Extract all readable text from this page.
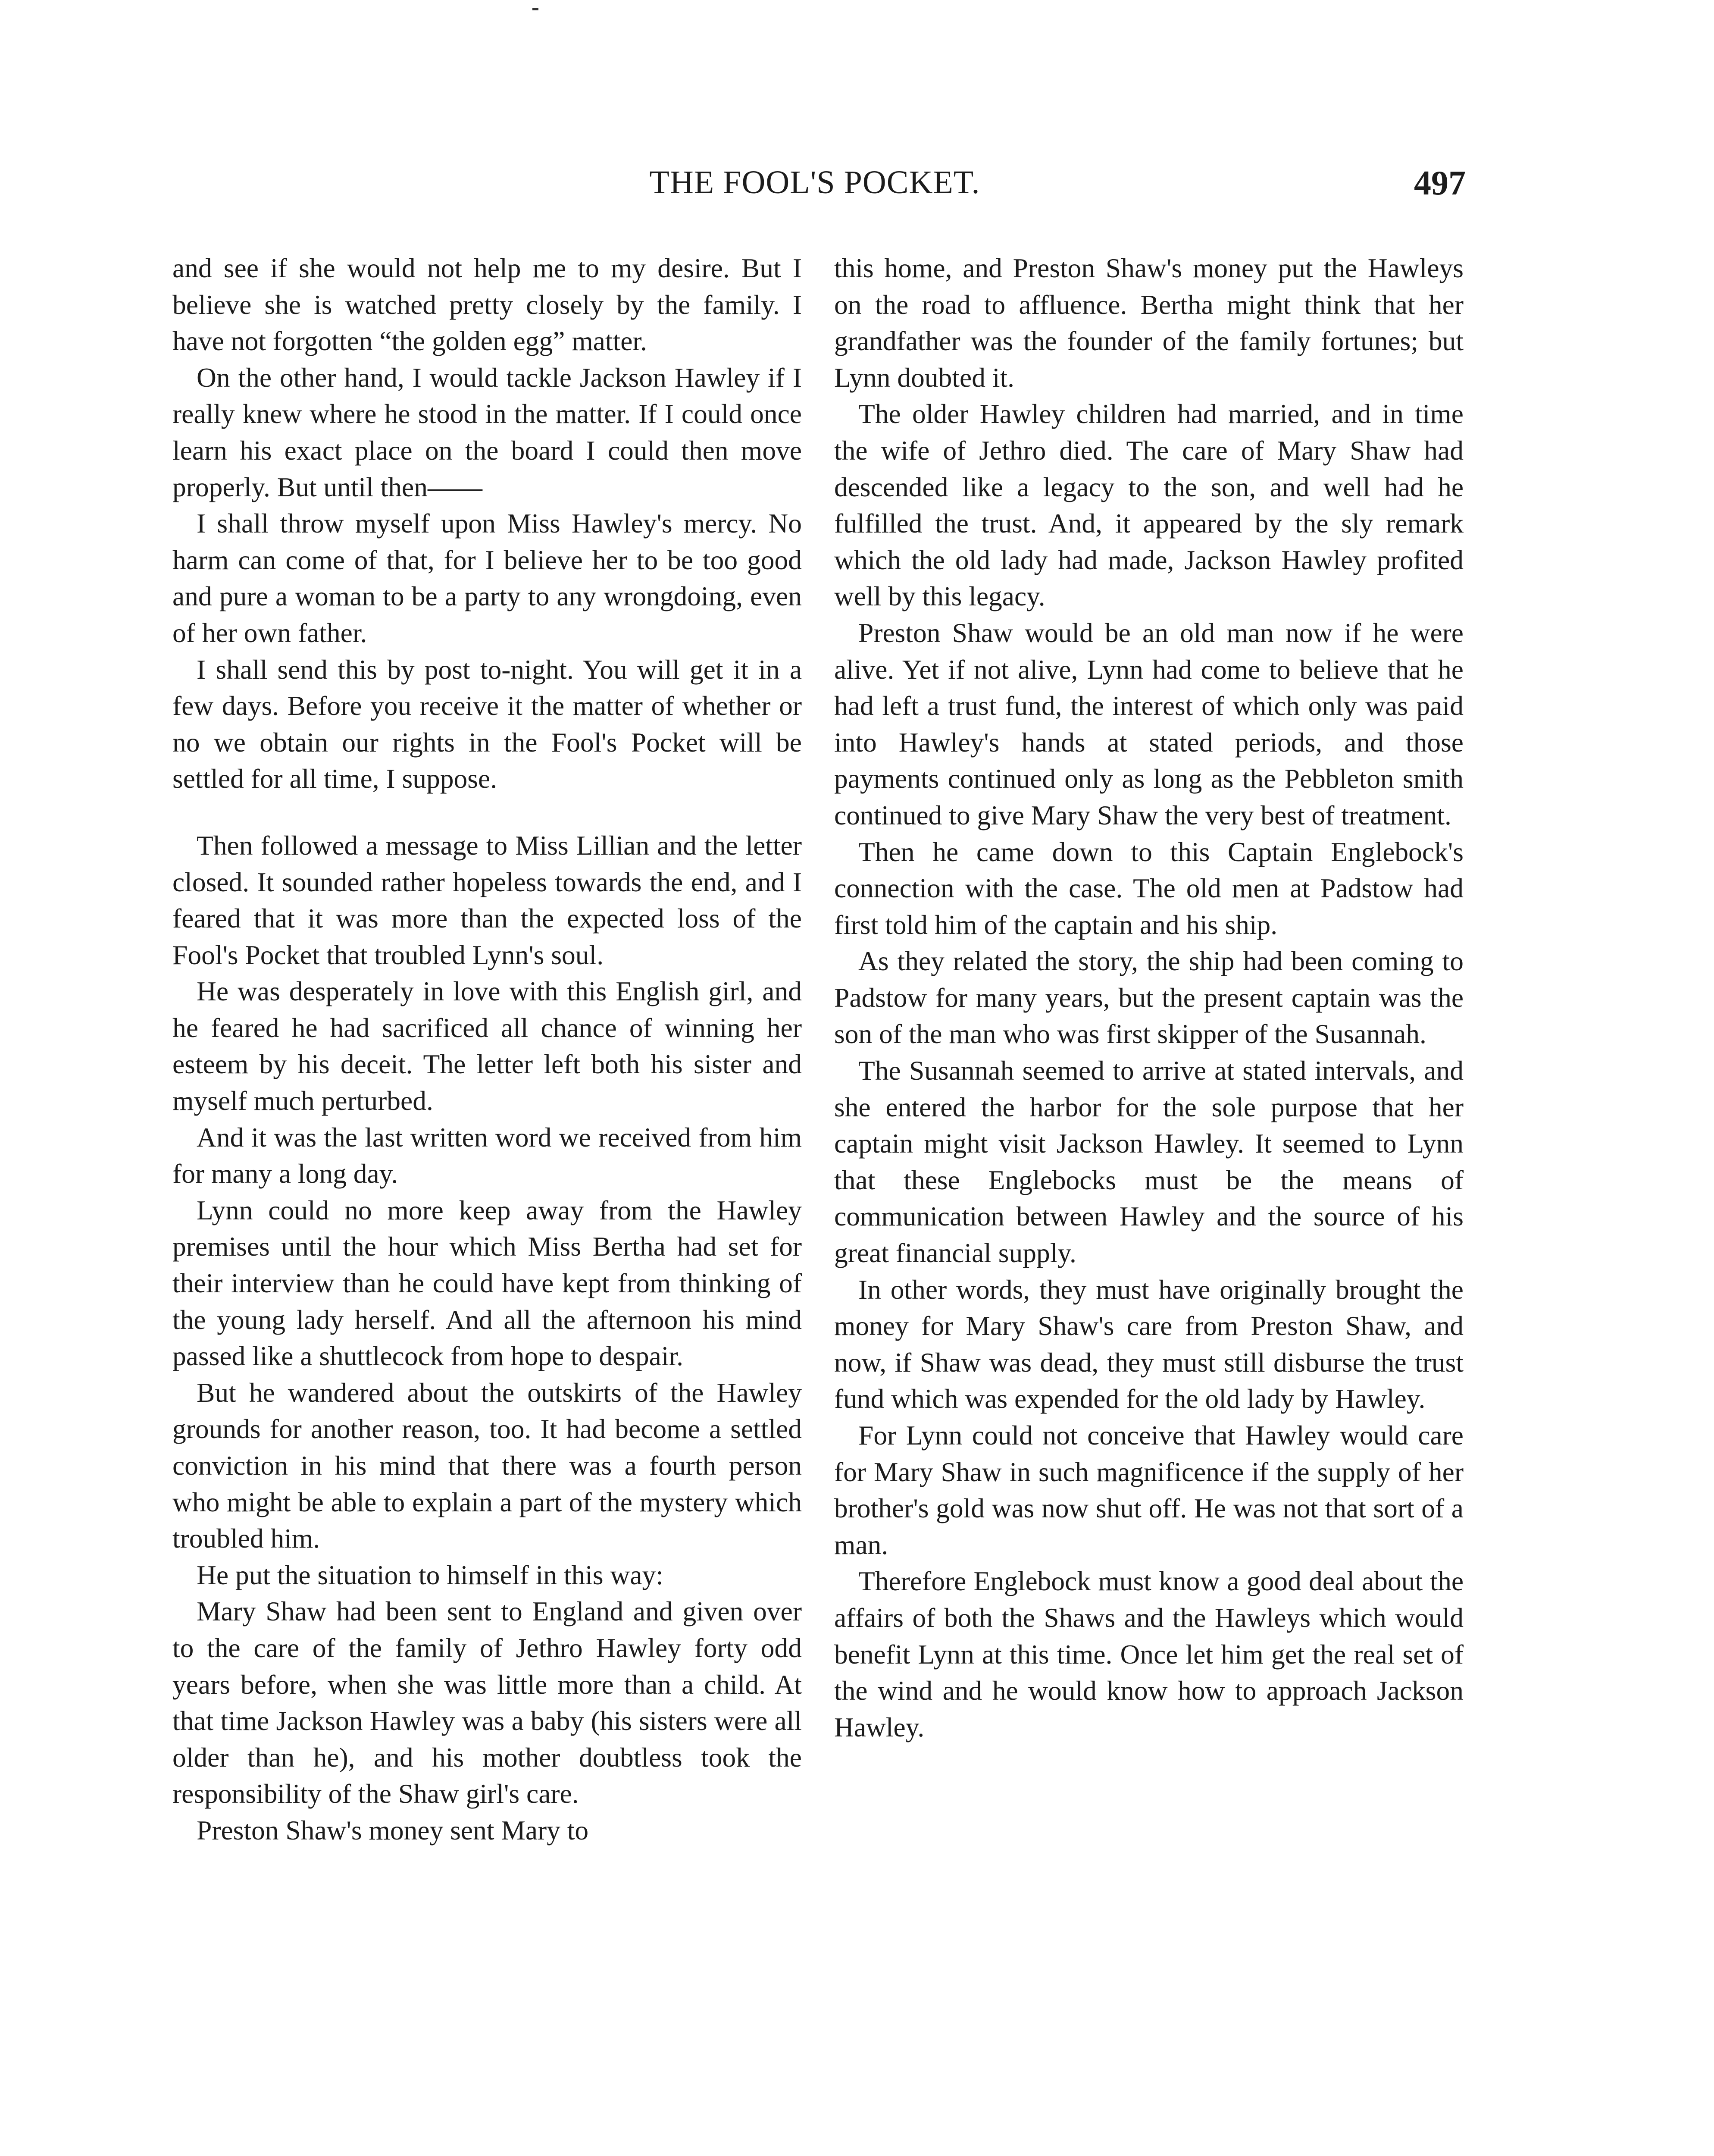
THE FOOL'S POCKET.	497

and see if she would not help me to my desire. But I believe she is watched pretty closely by the family. I have not forgotten “the golden egg” matter.

On the other hand, I would tackle Jackson Hawley if I really knew where he stood in the matter. If I could once learn his exact place on the board I could then move properly. But until then——

I shall throw myself upon Miss Hawley's mercy. No harm can come of that, for I believe her to be too good and pure a woman to be a party to any wrongdoing, even of her own father.

I shall send this by post to-night. You will get it in a few days. Before you receive it the matter of whether or no we obtain our rights in the Fool's Pocket will be settled for all time, I suppose.

Then followed a message to Miss Lillian and the letter closed. It sounded rather hopeless towards the end, and I feared that it was more than the expected loss of the Fool's Pocket that troubled Lynn's soul.

He was desperately in love with this English girl, and he feared he had sacrificed all chance of winning her esteem by his deceit. The letter left both his sister and myself much perturbed.

And it was the last written word we received from him for many a long day.

Lynn could no more keep away from the Hawley premises until the hour which Miss Bertha had set for their interview than he could have kept from thinking of the young lady herself. And all the afternoon his mind passed like a shuttlecock from hope to despair.

But he wandered about the outskirts of the Hawley grounds for another reason, too. It had become a settled conviction in his mind that there was a fourth person who might be able to explain a part of the mystery which troubled him.

He put the situation to himself in this way:

Mary Shaw had been sent to England and given over to the care of the family of Jethro Hawley forty odd years before, when she was little more than a child. At that time Jackson Hawley was a baby (his sisters were all older than he), and his mother doubtless took the responsibility of the Shaw girl's care.

Preston Shaw's money sent Mary to

this home, and Preston Shaw's money put the Hawleys on the road to affluence. Bertha might think that her grandfather was the founder of the family fortunes; but Lynn doubted it.

The older Hawley children had married, and in time the wife of Jethro died. The care of Mary Shaw had descended like a legacy to the son, and well had he fulfilled the trust. And, it appeared by the sly remark which the old lady had made, Jackson Hawley profited well by this legacy.

Preston Shaw would be an old man now if he were alive. Yet if not alive, Lynn had come to believe that he had left a trust fund, the interest of which only was paid into Hawley's hands at stated periods, and those payments continued only as long as the Pebbleton smith continued to give Mary Shaw the very best of treatment.

Then he came down to this Captain Englebock's connection with the case. The old men at Padstow had first told him of the captain and his ship.

As they related the story, the ship had been coming to Padstow for many years, but the present captain was the son of the man who was first skipper of the Susannah.

The Susannah seemed to arrive at stated intervals, and she entered the harbor for the sole purpose that her captain might visit Jackson Hawley. It seemed to Lynn that these Englebocks must be the means of communication between Hawley and the source of his great financial supply.

In other words, they must have originally brought the money for Mary Shaw's care from Preston Shaw, and now, if Shaw was dead, they must still disburse the trust fund which was expended for the old lady by Hawley.

For Lynn could not conceive that Hawley would care for Mary Shaw in such magnificence if the supply of her brother's gold was now shut off. He was not that sort of a man.

Therefore Englebock must know a good deal about the affairs of both the Shaws and the Hawleys which would benefit Lynn at this time. Once let him get the real set of the wind and he would know how to approach Jackson Hawley.
